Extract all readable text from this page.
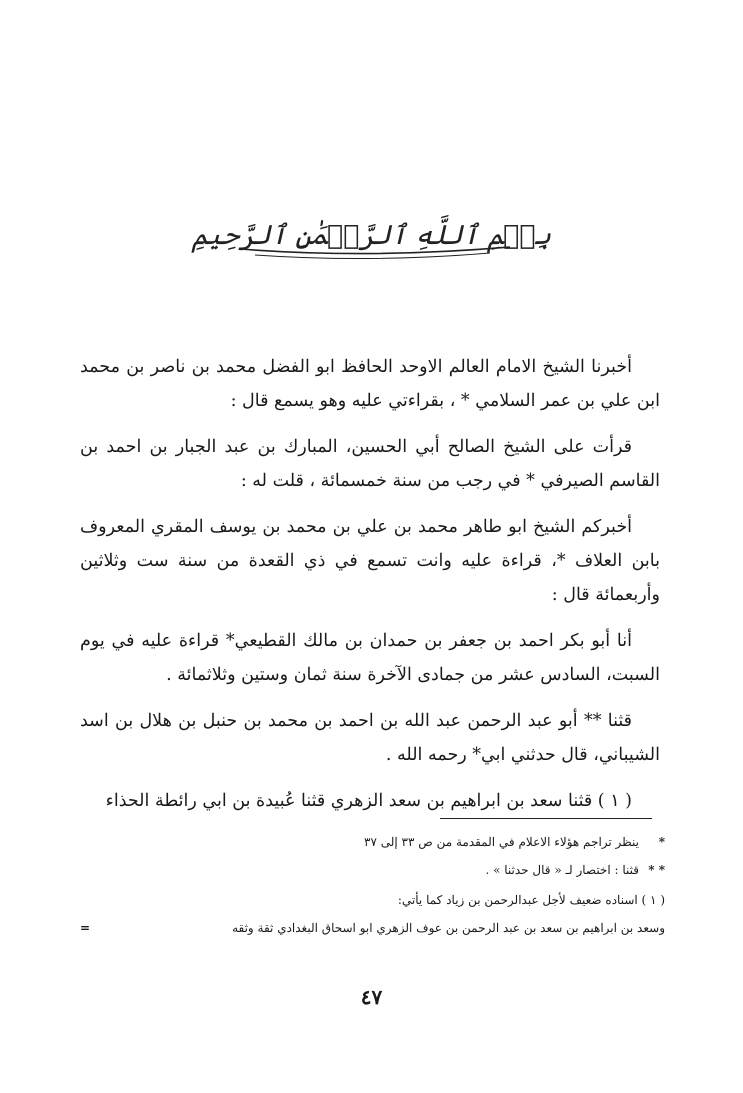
بِسۡمِ ٱللَّهِ ٱلرَّحۡمَٰنِ ٱلرَّحِيمِ

أخبرنا الشيخ الامام العالم الاوحد الحافظ ابو الفضل محمد بن ناصر بن محمد ابن علي بن عمر السلامي * ، بقراءتي عليه وهو يسمع قال :

قرأت على الشيخ الصالح أبي الحسين، المبارك بن عبد الجبار بن احمد بن القاسم الصيرفي * في رجب من سنة خمسمائة ، قلت له :

أخبركم الشيخ ابو طاهر محمد بن علي بن محمد بن يوسف المقري المعروف بابن العلاف *، قراءة عليه وانت تسمع في ذي القعدة من سنة ست وثلاثين وأربعمائة قال :

أنا أبو بكر احمد بن جعفر بن حمدان بن مالك القطيعي* قراءة عليه في يوم السبت، السادس عشر من جمادى الآخرة سنة ثمان وستين وثلاثمائة .

قثنا ** أبو عبد الرحمن عبد الله بن احمد بن محمد بن حنبل بن هلال بن اسد الشيباني، قال حدثني ابي* رحمه الله .

( ١ ) قثنا سعد بن ابراهيم بن سعد الزهري قثنا عُبيدة بن ابي رائطة الحذاء

*
ينظر تراجم هؤلاء الاعلام في المقدمة من ص ٣٣ إلى ٣٧
* *
قثنا : اختصار لـ « قال حدثنا » .
( ١ ) اسناده ضعيف لأجل عبدالرحمن بن زياد كما يأتي:
وسعد بن ابراهيم بن سعد بن عبد الرحمن بن عوف الزهري ابو اسحاق البغدادي ثقة وثقه
=
٤٧
